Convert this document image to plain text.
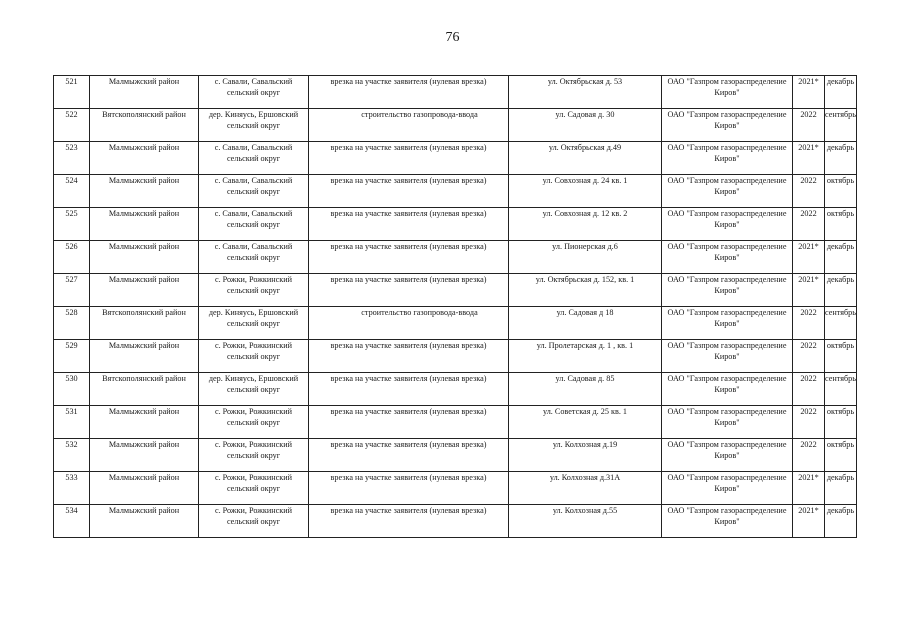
76
521	Малмыжский район	с. Савали, Савальский
сельский округ	врезка на участке заявителя (нулевая врезка)	ул. Октябрьская д. 53	ОАО "Газпром газораспределение
Киров"	2021*	декабрь

522	Вятскополянский район	дер. Киняусь, Ершовский
сельский округ	строительство газопровода-ввода	ул. Садовая д. 30	ОАО "Газпром газораспределение
Киров"	2022	сентябрь

523	Малмыжский район	с. Савали, Савальский
сельский округ	врезка на участке заявителя (нулевая врезка)	ул. Октябрьская д.49	ОАО "Газпром газораспределение
Киров"	2021*	декабрь

524	Малмыжский район	с. Савали, Савальский
сельский округ	врезка на участке заявителя (нулевая врезка)	ул. Совхозная д. 24 кв. 1	ОАО "Газпром газораспределение
Киров"	2022	октябрь

525	Малмыжский район	с. Савали, Савальский
сельский округ	врезка на участке заявителя (нулевая врезка)	ул. Совхозная д. 12 кв. 2	ОАО "Газпром газораспределение
Киров"	2022	октябрь

526	Малмыжский район	с. Савали, Савальский
сельский округ	врезка на участке заявителя (нулевая врезка)	ул. Пионерская д.6	ОАО "Газпром газораспределение
Киров"	2021*	декабрь

527	Малмыжский район	с. Рожки, Рожкинский
сельский округ	врезка на участке заявителя (нулевая врезка)	ул. Октябрьская д. 152, кв. 1	ОАО "Газпром газораспределение
Киров"	2021*	декабрь

528	Вятскополянский район	дер. Киняусь, Ершовский
сельский округ	строительство газопровода-ввода	ул. Садовая д 18	ОАО "Газпром газораспределение
Киров"	2022	сентябрь

529	Малмыжский район	с. Рожки, Рожкинский
сельский округ	врезка на участке заявителя (нулевая врезка)	ул. Пролетарская д. 1 , кв. 1	ОАО "Газпром газораспределение
Киров"	2022	октябрь

530	Вятскополянский район	дер. Киняусь, Ершовский
сельский округ	врезка на участке заявителя (нулевая врезка)	ул. Садовая д. 85	ОАО "Газпром газораспределение
Киров"	2022	сентябрь

531	Малмыжский район	с. Рожки, Рожкинский
сельский округ	врезка на участке заявителя (нулевая врезка)	ул. Советская д. 25 кв. 1	ОАО "Газпром газораспределение
Киров"	2022	октябрь

532	Малмыжский район	с. Рожки, Рожкинский
сельский округ	врезка на участке заявителя (нулевая врезка)	ул. Колхозная д.19	ОАО "Газпром газораспределение
Киров"	2022	октябрь

533	Малмыжский район	с. Рожки, Рожкинский
сельский округ	врезка на участке заявителя (нулевая врезка)	ул. Колхозная д.31А	ОАО "Газпром газораспределение
Киров"	2021*	декабрь

534	Малмыжский район	с. Рожки, Рожкинский
сельский округ	врезка на участке заявителя (нулевая врезка)	ул. Колхозная д.55	ОАО "Газпром газораспределение
Киров"	2021*	декабрь
